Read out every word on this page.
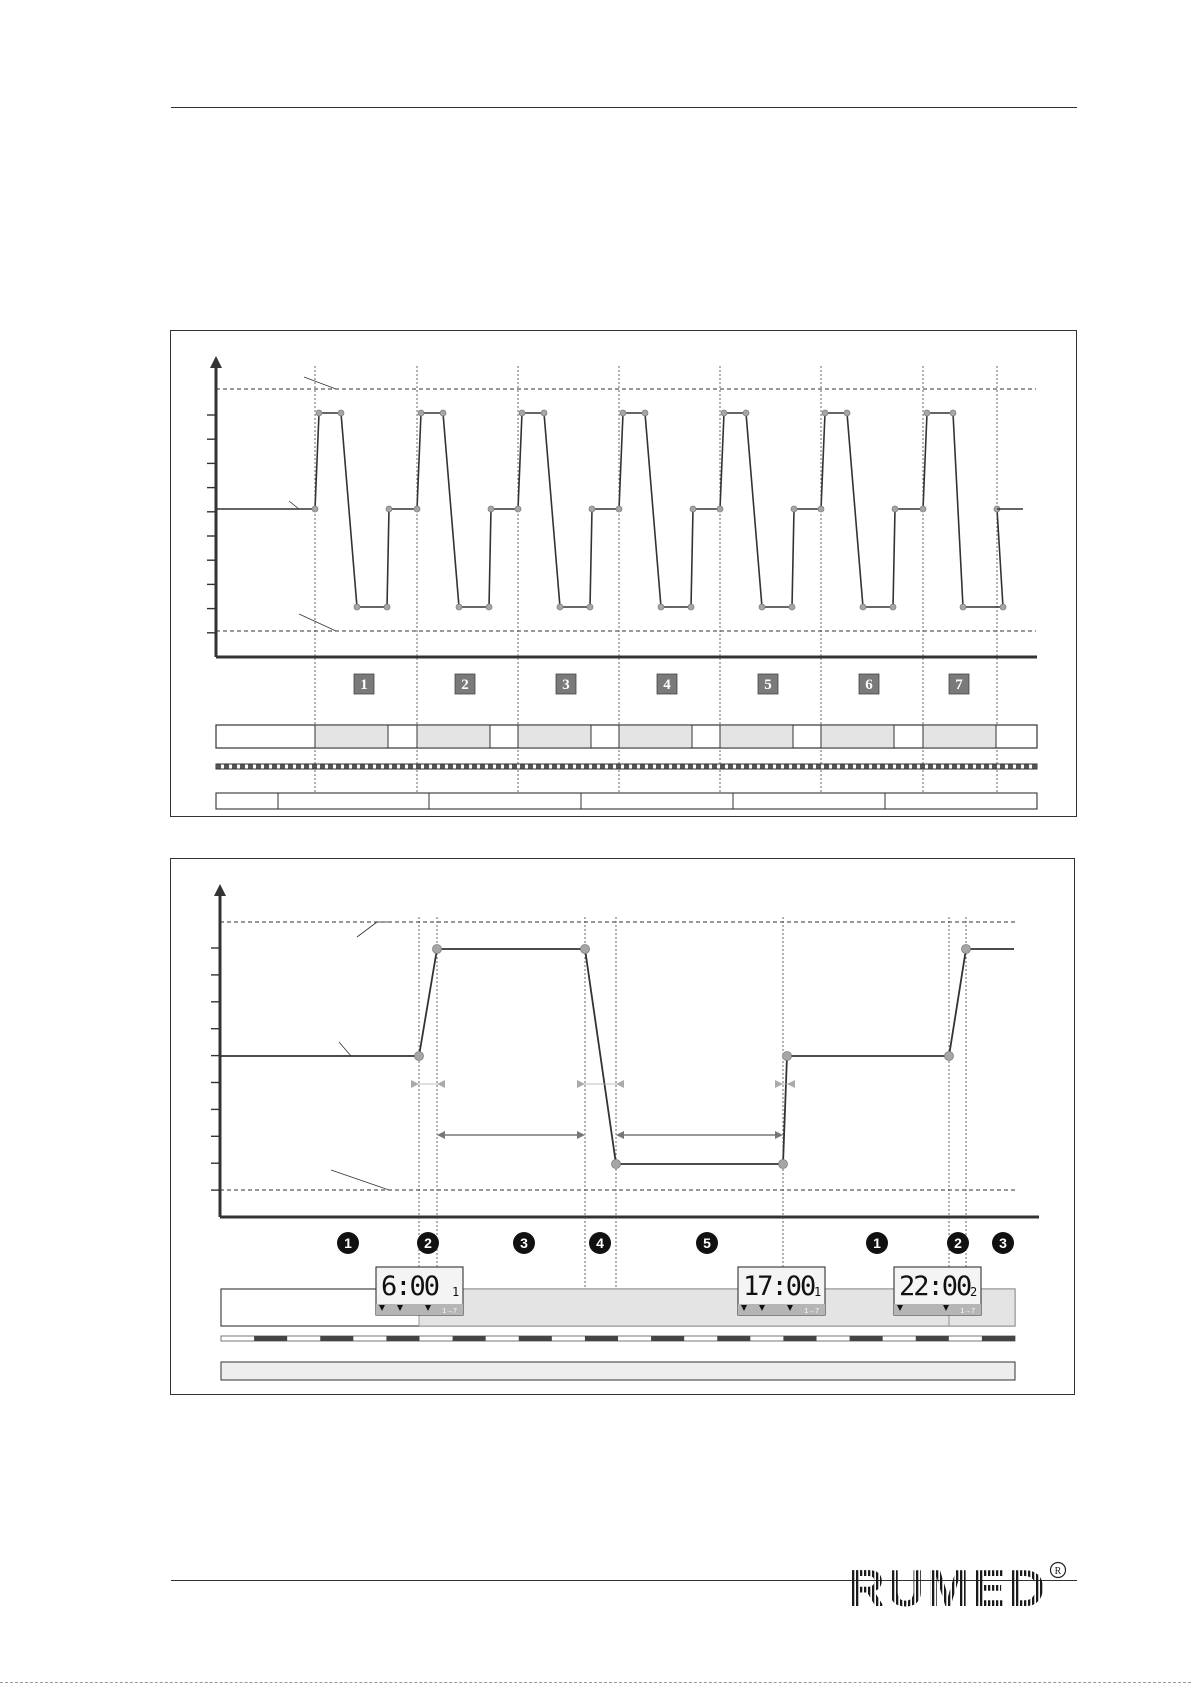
1	2	3	4	5	6	7
1	2	3	4	5	1	2	3
6:00 1
1→7
17:00 1
1→7
22:00 2
1→7
RUMED R
